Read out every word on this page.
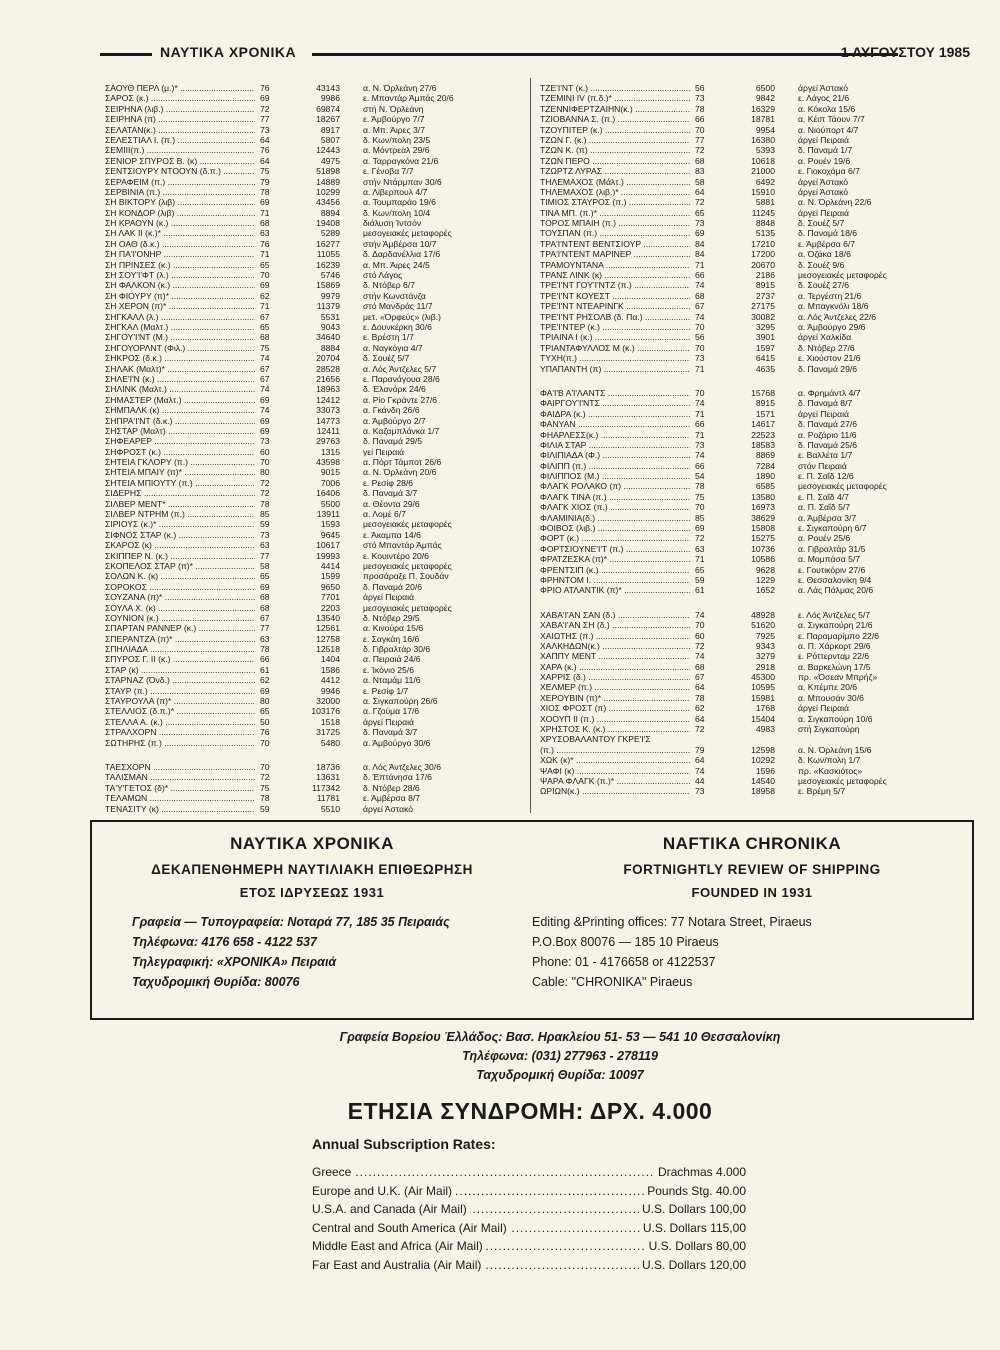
ΝΑΥΤΙΚΑ ΧΡΟΝΙΚΑ	1 ΑΥΓΟΥΣΤΟΥ 1985
ΣΑΟΥΘ ΠΕΡΛ (μ.)* .....	76	43143	α. Ν. Όρλεάνη 27/6
ΣΑΡΟΣ (κ.) .....	69	9986	ε. Μπαντάρ Άμπάς 20/6
ΣΕΙΡΗΝΑ (λιβ.) .....	72	69874	στή Ν. Όρλεάνη
ΣΕΙΡΗΝΑ (π) .....	77	18267	ε. Άμβούργο 7/7
ΣΕΛΑΤΑΝ(κ.) .....	73	8917	α. Μπ. Άιρες 3/7
ΣΕΛΕΣΤΙΑΛ Ι. (π.) .....	64	5807	δ. Κων/πολη 23/5
ΣΕΜΙΙΙ(π.) .....	76	12443	α. Μόντρεαλ 29/6
ΣΕΝΙΟΡ ΣΠΥΡΟΣ Β. (κ) .....	64	4975	α. Ταρραγκόνα 21/6
ΣΕΝΤΣΙΟΥΡΥ ΝΤΟΟΥΝ (δ.π.) .....	75	51898	ε. Γένοβα 7/7
ΣΕΡΑΦΕΙΜ (π.) .....	79	14889	στήν Ντάρμπαν 30/6
ΣΕΡΒΙΝΙΑ (π.) .....	78	10299	α. Λίβερπουλ 4/7
ΣΗ ΒΙΚΤΟΡΥ (λιβ) .....	69	43456	α. Τουμπαράο 19/6
ΣΗ ΚΟΝΔΟΡ (λιβ) .....	71	8894	δ. Κων/πολη 10/4
ΣΗ ΚΡΑΟΥΝ (κ.) .....	68	19408	διάλυση Ίντσόν
ΣΗ ΛΑΚ ΙΙ (κ.)* .....	63	5289	μεσογειακές μεταφορές
ΣΗ ΟΑΘ (δ.κ.) .....	76	16277	στήν Άμβέρσα 10/7
ΣΗ ΠΑ'Ι'ΟΝΗΡ .....	71	11055	δ. Δαρδανέλλια 17/6
ΣΗ ΠΡΙΝΣΕΣ (κ.) .....	65	16239	α. Μπ. Άιρες 24/5
ΣΗ ΣΟΥ'Ι'ΦΤ (λ.) .....	70	5746	στό Λάγος
ΣΗ ΦΑΛΚΟΝ (κ.) .....	69	15869	δ. Ντόβερ 6/7
ΣΗ ΦΙΟΥΡΥ (π)* .....	62	9979	στήν Κωνστάνζα
ΣΗ ΧΕΡΟΝ (π)* .....	71	11379	στό Μανδράς 11/7
ΣΗΓΚΑΛΛ (λ.) .....	67	5531	μετ. «Όρφεύς» (λιβ.)
ΣΗΓΚΑΛ (Μαλτ.) .....	65	9043	ε. Δουνκέρκη 30/6
ΣΗΓΟΥ'Ι'ΝΤ (Μ.) .....	68	34640	ε. Βρέστη 1/7
ΣΗΓΟΥΟΡΛΝΤ (Φιλ.) .....	75	8884	α. Ναγκόγια 4/7
ΣΗΚΡΟΣ (δ.κ.) .....	74	20704	δ. Σουέζ 5/7
ΣΗΛΑΚ (Μαλτ)* .....	67	28528	α. Λός Άντζελες 5/7
ΣΗΛΕ'Ι'Ν (κ.) .....	67	21656	ε. Παρανάγουα 28/6
ΣΗΛΙΝΚ (Μαλτ.) .....	74	18963	δ. Έλανόρκ 24/6
ΣΗΜΑΣΤΕΡ (Μαλτ.) .....	69	12412	α. Ρίο Γκράντε 27/6
ΣΗΜΠΑΛΚ (κ) .....	74	33073	α. Γκάνδη 26/6
ΣΗΠΡΑ'Ι'ΝΤ (δ.κ.) .....	69	14773	α. Άμβούργο 2/7
ΣΗΣΤΑΡ (Μαλτ) .....	69	12411	α. Καζαμπλάνκα 1/7
ΣΗΦΕΑΡΕΡ .....	73	29763	δ. Παναμά 29/5
ΣΗΦΡΟΣΤ (κ.) .....	60	1315	γεί Πειραιά
ΣΗΤΕΙΑ ΓΚΛΟΡΥ (π.) .....	70	43598	α. Πόρτ Τάμποτ 26/6
ΣΗΤΕΙΑ ΜΠΑΙΥ (π)* .....	80	9015	α. Ν. Όρλεάνη 20/6
ΣΗΤΕΙΑ ΜΠΙΟΥΤΥ (π.) .....	72	7006	ε. Ρεσίφ 28/6
ΣΙΔΕΡΗΣ .....	72	16406	δ. Παναμά 3/7
ΣΙΛΒΕΡ ΜΕΝΤ* .....	78	5500	α. Θέοντα 29/6
ΣΙΛΒΕΡ ΝΤΡΗΜ (π.) .....	85	13911	α. Λομέ 6/7
ΣΙΡΙΟΥΣ (κ.)* .....	59	1593	μεσογειακές μεταφορές
ΣΙΦΝΟΣ ΣΤΑΡ (κ.) .....	73	9645	ε. Άκαμπα 14/6
ΣΚΑΡΟΣ (κ) .....	63	10617	στό Μπαντάρ Άμπάς
ΣΚΙΠΠΕΡ Ν. (κ.) .....	77	19993	ε. Κουιντέρο 20/6
ΣΚΟΠΕΛΟΣ ΣΤΑΡ (π)* .....	58	4414	μεσογειακές μεταφορές
ΣΟΛΩΝ Κ. (κ) .....	65	1599	προσάραξε Π. Σουδάν
ΣΟΡΟΚΟΣ .....	69	9650	δ. Παναμά 20/6
ΣΟΥΖΑΝΑ (π)* .....	68	7701	άργεί Πειραιά
ΣΟΥΛΑ Χ. (κ) .....	68	2203	μεσογειακές μεταφορές
ΣΟΥΝΙΟΝ (κ.) .....	67	13540	δ. Ντόβερ 29/5
ΣΠΑΡΤΑΝ ΡΑΝΝΕΡ (κ.) .....	77	12561	α. Κινούρα 15/6
ΣΠΕΡΑΝΤΖΑ (π)* .....	63	12758	ε. Σαγκάη 16/6
ΣΠΗΛΙΑΔΑ .....	78	12518	δ. Γιβραλτάρ 30/6
ΣΠΥΡΟΣ Γ. ΙΙ (κ.) .....	66	1404	α. Πειραιά 24/6
ΣΤΑΡ (κ) .....	61	1586	ε. Ίκόνιο 25/6
ΣΤΑΡΝΑΖ (Όνδ.) .....	62	4412	α. Νταμάμ 11/6
ΣΤΑΥΡ (π.) .....	69	9946	ε. Ρεσίφ 1/7
ΣΤΑΥΡΟΥΛΑ (π)* .....	80	32000	α. Σιγκαπούρη 26/6
ΣΤΕΛΛΙΟΣ (δ.π.)* .....	65	103176	α. Γζούμα 17/6
ΣΤΕΛΛΑ Α. (κ.) .....	50	1518	άργεί Πειραιά
ΣΤΡΑΛΧΟΡΝ .....	76	31725	δ. Παναμά 3/7
ΣΩΤΗΡΗΣ (π.) .....	70	5480	α. Άμβούργο 30/6
ΤΑΕΣΧΟΡΝ .....	70	18736	α. Λός Άντζελες 30/6
ΤΑΛΙΣΜΑΝ .....	72	13631	δ. Έπτάνησα 17/6
ΤΑ'Υ'ΓΕΤΟΣ (δ)* .....	75	117342	δ. Ντόβερ 28/6
ΤΕΛΑΜΩΝ .....	78	11781	ε. Άμβέρσα 8/7
ΤΕΝΑΣΙΤΥ (κ) .....	59	5510	άργεί Άστακό
ΤΖΕ'Ι'ΝΤ (κ.) .....	56	6500	άργεί Άστακό
ΤΖΕΜΙΝΙ IV (π.δ.)* .....	73	9842	ε. Λάγος 21/6
ΤΖΕΝΝΙΦΕΡΤΖΑΙΗΝ(κ.) .....	78	16329	α. Κόκολα 15/6
ΤΖΙΟΒΑΝΝΑ Σ. (π.) .....	66	18781	α. Κέιπ Τάουν 7/7
ΤΖΟΥΠΙΤΕΡ (κ.) .....	70	9954	α. Νιούπορτ 4/7
ΤΖΩΝ Γ. (κ.) .....	77	16380	άργεί Πειραιά
ΤΖΩΝ Κ. (π) .....	72	5393	δ. Παναμά 1/7
ΤΖΩΝ ΠΕΡΟ .....	68	10618	α. Ρουέν 19/6
ΤΖΩΡΤΖ ΛΥΡΑΣ .....	83	21000	ε. Γιοκοχάμα 6/7
ΤΗΛΕΜΑΧΟΣ (Μάλτ.) .....	58	6492	άργεί Άστακό
ΤΗΛΕΜΑΧΟΣ (λιβ.)* .....	64	15910	άργεί Άστακό
ΤΙΜΙΟΣ ΣΤΑΥΡΟΣ (π.) .....	72	5881	α. Ν. Όρλεάνη 22/6
ΤΙΝΑ ΜΠ. (π.)* .....	65	11245	άργεί Πειραιά
ΤΟΡΟΣ ΜΠΑΙΗ (π.) .....	73	8848	δ. Σουέζ 5/7
ΤΟΥΣΠΑΝ (π.) .....	69	5135	δ. Παναμά 18/6
ΤΡΑ'Ι'ΝΤΕΝΤ ΒΕΝΤΣΙΟΥΡ .....	84	17210	ε. Άμβέρσα 6/7
ΤΡΑ'Ι'ΝΤΕΝΤ ΜΑΡΙΝΕΡ .....	84	17200	α. Όζάκα 18/6
ΤΡΑΜΟΥΝΤΑΝΑ .....	71	20670	δ. Σουέζ 9/6
ΤΡΑΝΣ ΛΙΝΚ (κ) .....	66	2186	μεσογειακές μεταφορές
ΤΡΕ'Ι'ΝΤ ΓΟΥ'Ι'ΝΤΖ (π.) .....	74	8915	δ. Σουέζ 27/6
ΤΡΕ'Ι'ΝΤ ΚΟΥΕΣΤ .....	68	2737	α. Τεργέστη 21/6
ΤΡΕ'Ι'ΝΤ ΝΤΕΑΡΙΝΓΚ .....	67	27175	α. Μπαγκνόλι 18/6
ΤΡΕ'Ι'ΝΤ ΡΗΣΟΛΒ (δ. Πα.) .....	74	30082	α. Λός Άντζελες 22/6
ΤΡΕ'Ι'ΝΤΕΡ (κ.) .....	70	3295	α. Άμβούργο 29/6
ΤΡΙΑΙΝΑ Ι (κ.) .....	56	3901	άργεί Χαλκίδα
ΤΡΙΑΝΤΑΦΥΛΛΟΣ Μ (κ.) .....	70	1597	δ. Ντόβερ 27/6
ΤΥΧΗ(π.) .....	73	6415	ε. Χιούστον 21/6
ΥΠΑΠΑΝΤΗ (π) .....	71	4635	δ. Παναμά 29/6
ΦΑ'Ι'Β Α'Ι'ΛΑΝΤΣ .....	70	15768	α. Φρημάντλ 4/7
ΦΑΙΡΓΟΥ'Ι'ΝΤΣ .....	74	8915	δ. Παναμά 8/7
ΦΑΙΔΡΑ (κ.) .....	71	1571	άργεί Πειραιά
ΦΑΝΥΑΝ .....	66	14617	δ. Παναμά 27/6
ΦΗΑΡΛΕΣΣ(κ.) .....	71	22523	α. Ροζάριο 11/6
ΦΙΛΙΑ ΣΤΑΡ .....	73	18583	δ. Παναμά 25/6
ΦΙΛΙΠΙΑΔΑ (Φ.) .....	74	8869	ε. Βαλλέτα 1/7
ΦΙΛΙΠΠ (π.) .....	66	7284	στόν Πειραιά
ΦΙΛΙΠΠΟΣ (Μ.) .....	54	1890	ε. Π. Σαΐδ 12/6
ΦΛΑΓΚ ΡΟΛΑΚΟ (π) .....	78	6585	μεσογειακές μεταφορές
ΦΛΑΓΚ ΤΙΝΑ (π.) .....	75	13580	ε. Π. Σαΐδ 4/7
ΦΛΑΓΚ ΧΙΟΣ (π.) .....	70	16973	α. Π. Σαΐδ 5/7
ΦΛΑΜΙΝΙΑ(δ.) .....	85	38629	α. Άμβέρσα 3/7
ΦΟΙΒΟΣ (λιβ.) .....	69	15808	ε. Σιγκαπούρη 6/7
ΦΟΡΤ (κ.) .....	72	15275	α. Ρουέν 25/6
ΦΟΡΤΣΙΟΥΝΕ'Ι'Τ (π.) .....	63	10736	α. Γιβραλτάρ 31/5
ΦΡΑΤΖΕΣΚΑ (π)* .....	71	10586	α. Μομπάσα 5/7
ΦΡΕΝΤΣΙΠ (κ.) .....	65	9628	ε. Γουτικόριν 27/6
ΦΡΗΝΤΟΜ Ι. .....	59	1229	ε. Θεσσαλονίκη 9/4
ΦΡΙΟ ΑΤΛΑΝΤΙΚ (π)* .....	61	1652	α. Λάς Πάλμας 20/6
ΧΑΒΑ'Ι'ΑΝ ΣΑΝ (δ.) .....	74	48928	ε. Λός Άντζελες 5/7
ΧΑΒΑ'Ι'ΑΝ ΣΗ (δ.) .....	70	51620	α. Σιγκαπούρη 21/6
ΧΑΙΩΤΗΣ (π.) .....	60	7925	ε. Παραμαρίμπο 22/6
ΧΑΛΚΗΔΩΝ(κ.) .....	72	9343	α. Π. Χάρκορτ 29/6
ΧΑΠΠΥ ΜΕΝΤ .....	74	3279	ε. Ρόττερνταμ 22/6
ΧΑΡΑ (κ.) .....	68	2918	α. Βαρκελώνη 17/5
ΧΑΡΡΙΣ (δ.) .....	67	45300	πρ. «Όσεαν Μπρήζ»
ΧΕΛΜΕΡ (π.) .....	64	10595	α. Κπέμπε 20/6
ΧΕΡΟΥΒΙΝ (π)* .....	78	15981	α. Μπουσάν 30/6
ΧΙΟΣ ΦΡΟΣΤ (π) .....	62	1768	άργεί Πειραιά
ΧΟΟΥΠ ΙΙ (π.) .....	64	15404	α. Σιγκαπούρη 10/6
ΧΡΗΣΤΟΣ Κ. (κ.) .....	72	4983	στή Σιγκαπούρη
ΧΡΥΣΟΒΑΛΑΝΤΟΥ ΓΚΡΕ'Ι'Σ
(π.) .....	79	12598	α. Ν. Όρλεάνη 15/6
ΧΩΚ (κ)* .....	64	10292	δ. Κων/πολη 1/7
ΨΑΦΙ (κ) .....	74	1596	πρ. «Κασκιότος»
ΨΑΡΑ ΦΛΑΓΚ (π.)* .....	44	14540	μεσογειακές μεταφορές
ΩΡΙΩΝ(κ.) .....	73	18958	ε. Βρέμη 5/7
ΝΑΥΤΙΚΑ ΧΡΟΝΙΚΑ
ΔΕΚΑΠΕΝΘΗΜΕΡΗ ΝΑΥΤΙΛΙΑΚΗ ΕΠΙΘΕΩΡΗΣΗ
ΕΤΟΣ ΙΔΡΥΣΕΩΣ 1931
Γραφεία — Τυπογραφεία: Νοταρά 77, 185 35 Πειραιάς
Τηλέφωνα: 4176 658 - 4122 537
Τηλεγραφική: «ΧΡΟΝΙΚΑ» Πειραιά
Ταχυδρομική Θυρίδα: 80076
NAFTIKA CHRONIKA
FORTNIGHTLY REVIEW OF SHIPPING
FOUNDED IN 1931
Editing &Printing offices: 77 Notara Street, Piraeus
P.O.Box 80076 — 185 10 Piraeus
Phone: 01 - 4176658 or 4122537
Cable: "CHRONIKA" Piraeus
Γραφεία Βορείου Έλλάδος: Βασ. Ηρακλείου 51- 53 — 541 10 Θεσσαλονίκη
Τηλέφωνα: (031) 277963 - 278119
Ταχυδρομική Θυρίδα: 10097
ΕΤΗΣΙΑ ΣΥΝΔΡΟΜΗ: ΔΡΧ. 4.000
Annual Subscription Rates:
..... Greece	Drachmas 4.000
..... Europe and U.K. (Air Mail)	Pounds Stg. 40.00
..... U.S.A. and Canada (Air Mail)	U.S. Dollars 100,00
..... Central and South America (Air Mail)	U.S. Dollars 115,00
..... Middle East and Africa (Air Mail)	U.S. Dollars 80,00
..... Far East and Australia (Air Mail)	U.S. Dollars 120,00
